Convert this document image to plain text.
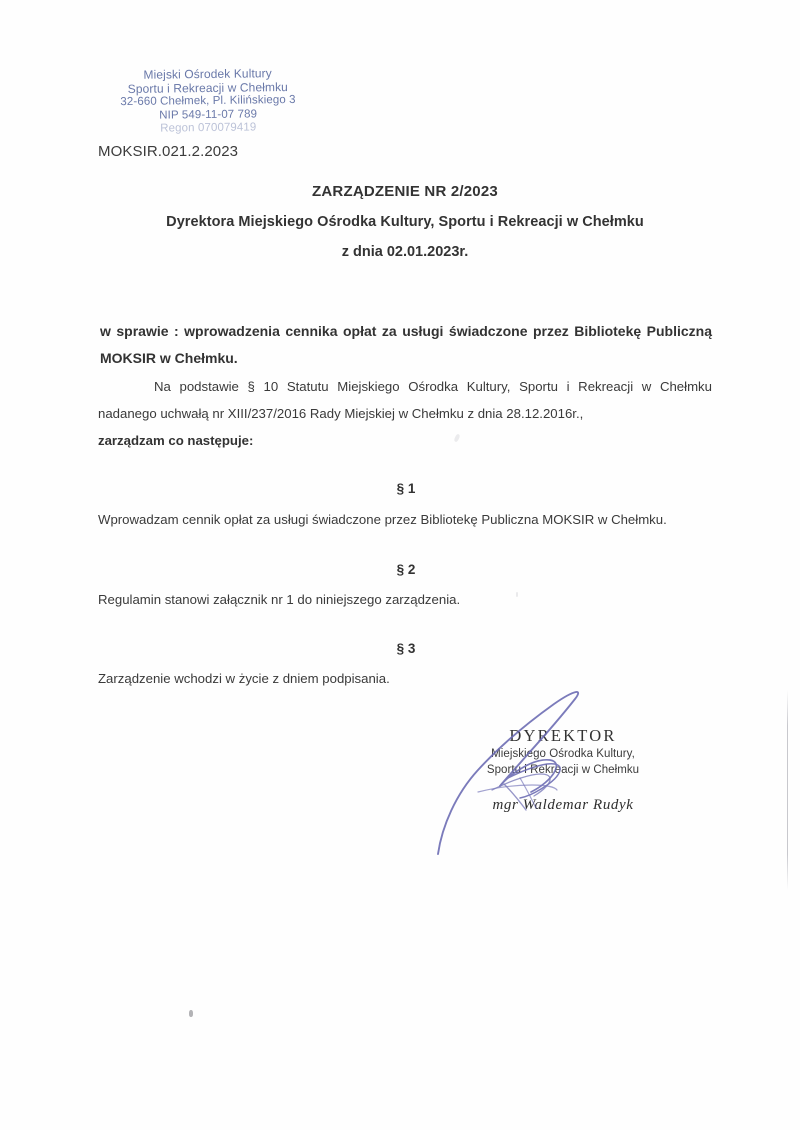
Miejski Ośrodek Kultury
Sportu i Rekreacji w Chełmku
32-660 Chełmek, Pl. Kilińskiego 3
NIP 549-11-07 789
Regon 070079419
MOKSIR.021.2.2023
ZARZĄDZENIE NR 2/2023
Dyrektora Miejskiego Ośrodka Kultury, Sportu i Rekreacji w Chełmku
z dnia 02.01.2023r.
w sprawie : wprowadzenia cennika opłat za usługi świadczone przez Bibliotekę Publiczną MOKSIR w Chełmku.
Na podstawie § 10 Statutu Miejskiego Ośrodka Kultury, Sportu i Rekreacji w Chełmku nadanego uchwałą nr XIII/237/2016 Rady Miejskiej w Chełmku z dnia 28.12.2016r.,
zarządzam co następuje:
§ 1
Wprowadzam cennik opłat za usługi świadczone przez Bibliotekę Publiczna MOKSIR w Chełmku.
§ 2
Regulamin stanowi załącznik nr 1 do niniejszego zarządzenia.
§ 3
Zarządzenie wchodzi w życie z dniem podpisania.
DYREKTOR
Miejskiego Ośrodka Kultury,
Sportu i Rekreacji w Chełmku
mgr Waldemar Rudyk
